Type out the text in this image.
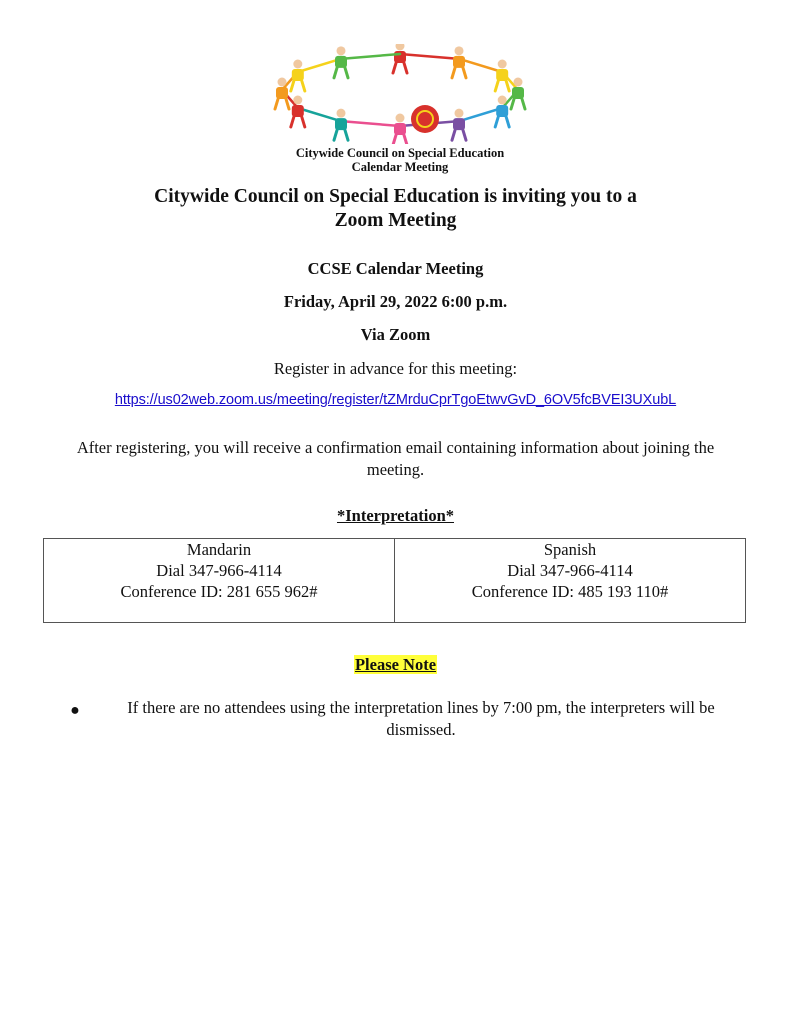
Citywide Council on Special Education
Calendar Meeting
Citywide Council on Special Education is inviting you to a
Zoom Meeting
CCSE Calendar Meeting
Friday, April 29, 2022 6:00 p.m.
Via Zoom
Register in advance for this meeting:
https://us02web.zoom.us/meeting/register/tZMrduCprTgoEtwvGvD_6OV5fcBVEI3UXubL
After registering, you will receive a confirmation email containing information about joining the meeting.
*Interpretation*
Mandarin
Dial 347-966-4114
Conference ID: 281 655 962#

Spanish
Dial 347-966-4114
Conference ID: 485 193 110#
Please Note
●	If there are no attendees using the interpretation lines by 7:00 pm, the interpreters will be dismissed.
